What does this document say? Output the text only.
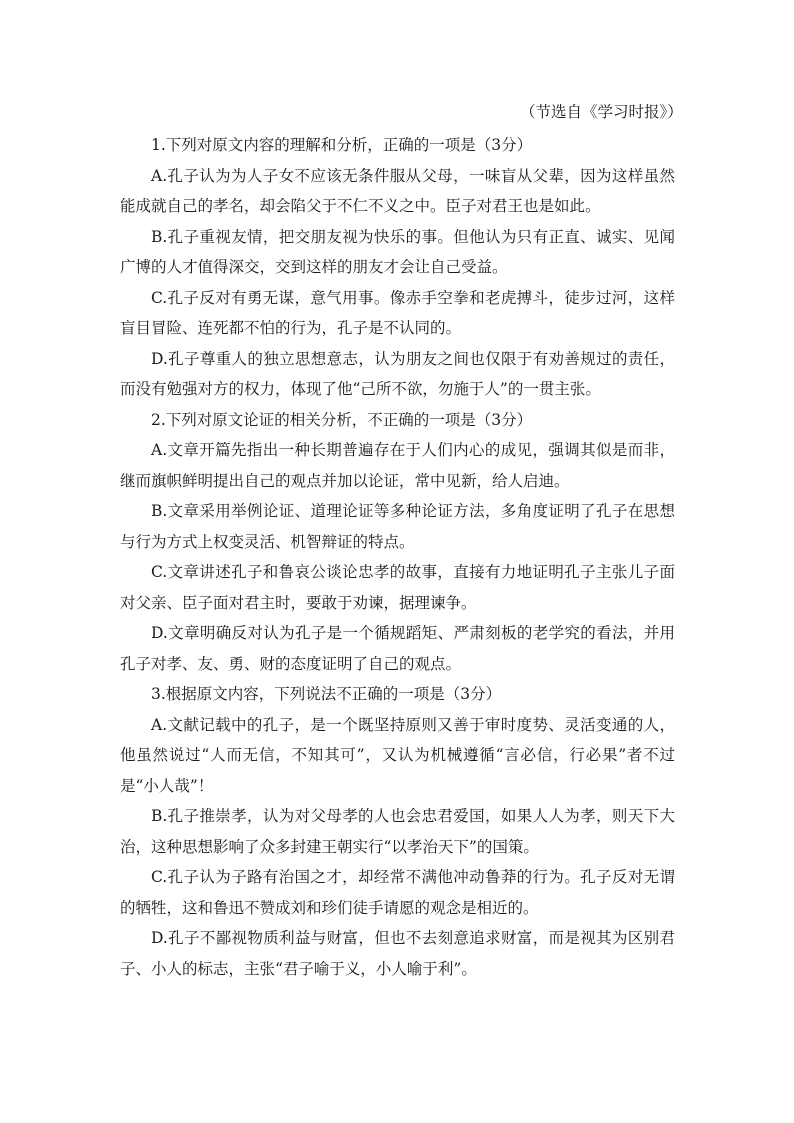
（节选自《学习时报》）

1.下列对原文内容的理解和分析，正确的一项是（3分）

A.孔子认为为人子女不应该无条件服从父母，一味盲从父辈，因为这样虽然能成就自己的孝名，却会陷父于不仁不义之中。臣子对君王也是如此。

B.孔子重视友情，把交朋友视为快乐的事。但他认为只有正直、诚实、见闻广博的人才值得深交，交到这样的朋友才会让自己受益。

C.孔子反对有勇无谋，意气用事。像赤手空拳和老虎搏斗，徒步过河，这样盲目冒险、连死都不怕的行为，孔子是不认同的。

D.孔子尊重人的独立思想意志，认为朋友之间也仅限于有劝善规过的责任，而没有勉强对方的权力，体现了他“己所不欲，勿施于人”的一贯主张。

2.下列对原文论证的相关分析，不正确的一项是（3分）

A.文章开篇先指出一种长期普遍存在于人们内心的成见，强调其似是而非，继而旗帜鲜明提出自己的观点并加以论证，常中见新，给人启迪。

B.文章采用举例论证、道理论证等多种论证方法，多角度证明了孔子在思想与行为方式上权变灵活、机智辩证的特点。

C.文章讲述孔子和鲁哀公谈论忠孝的故事，直接有力地证明孔子主张儿子面对父亲、臣子面对君主时，要敢于劝谏，据理谏争。

D.文章明确反对认为孔子是一个循规蹈矩、严肃刻板的老学究的看法，并用孔子对孝、友、勇、财的态度证明了自己的观点。

3.根据原文内容，下列说法不正确的一项是（3分）

A.文献记载中的孔子，是一个既坚持原则又善于审时度势、灵活变通的人，他虽然说过“人而无信，不知其可”，又认为机械遵循“言必信，行必果”者不过是“小人哉”！

B.孔子推崇孝，认为对父母孝的人也会忠君爱国，如果人人为孝，则天下大治，这种思想影响了众多封建王朝实行“以孝治天下”的国策。

C.孔子认为子路有治国之才，却经常不满他冲动鲁莽的行为。孔子反对无谓的牺牲，这和鲁迅不赞成刘和珍们徒手请愿的观念是相近的。

D.孔子不鄙视物质利益与财富，但也不去刻意追求财富，而是视其为区别君子、小人的标志，主张“君子喻于义，小人喻于利”。
